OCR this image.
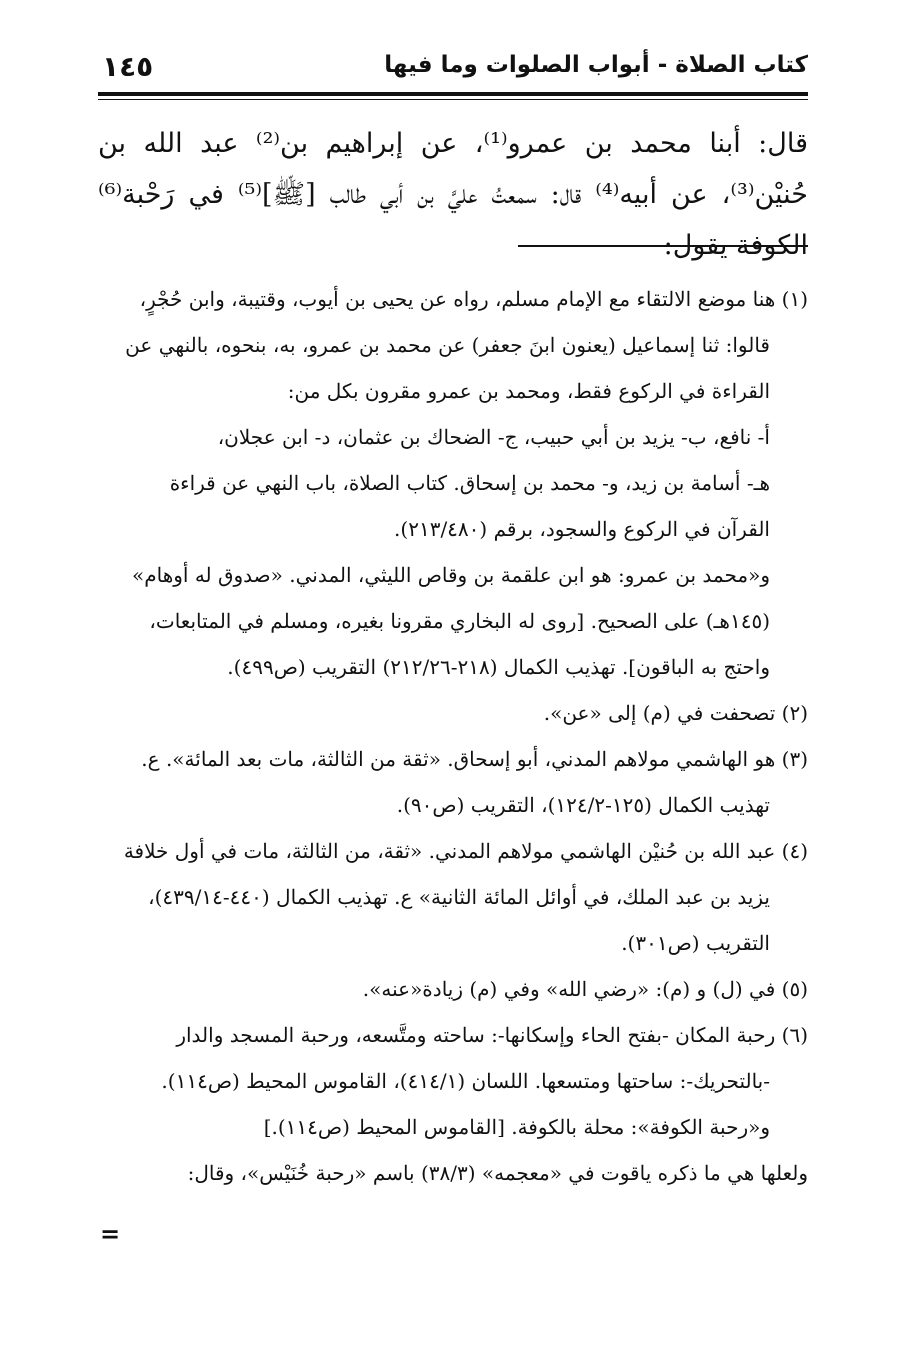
كتاب الصلاة - أبواب الصلوات وما فيها
١٤٥
قال: أبنا محمد بن عمرو⁽¹⁾، عن إبراهيم بن⁽²⁾ عبد الله بن حُنيْن⁽³⁾، عن أبيه⁽⁴⁾ قال: سمعتُ عليَّ بن أبي طالب [ﷺ]⁽⁵⁾ في رَحْبة⁽⁶⁾ الكوفة يقول:

(١) هنا موضع الالتقاء مع الإمام مسلم، رواه عن يحيى بن أيوب، وقتيبة، وابن حُجْرٍ،

قالوا: ثنا إسماعيل (يعنون ابنَ جعفر) عن محمد بن عمرو، به، بنحوه، بالنهي عن

القراءة في الركوع فقط، ومحمد بن عمرو مقرون بكل من:

أ- نافع، ب- يزيد بن أبي حبيب، ج- الضحاك بن عثمان، د- ابن عجلان،

هـ- أسامة بن زيد، و- محمد بن إسحاق. كتاب الصلاة، باب النهي عن قراءة

القرآن في الركوع والسجود، برقم (٢١٣/٤٨٠).

و«محمد بن عمرو: هو ابن علقمة بن وقاص الليثي، المدني. «صدوق له أوهام»

(١٤٥هـ) على الصحيح. [روى له البخاري مقرونا بغيره، ومسلم في المتابعات،

واحتج به الباقون]. تهذيب الكمال (٢١٨-٢١٢/٢٦) التقريب (ص٤٩٩).

(٢) تصحفت في (م) إلى «عن».

(٣) هو الهاشمي مولاهم المدني، أبو إسحاق. «ثقة من الثالثة، مات بعد المائة». ع.

تهذيب الكمال (١٢٥-١٢٤/٢)، التقريب (ص٩٠).

(٤) عبد الله بن حُنيْن الهاشمي مولاهم المدني. «ثقة، من الثالثة، مات في أول خلافة

يزيد بن عبد الملك، في أوائل المائة الثانية» ع. تهذيب الكمال (٤٤٠-٤٣٩/١٤)،

التقريب (ص٣٠١).

(٥) في (ل) و (م): «رضي الله» وفي (م) زيادة«عنه».

(٦) رحبة المكان -بفتح الحاء وإسكانها-: ساحته ومتَّسعه، ورحبة المسجد والدار

-بالتحريك-: ساحتها ومتسعها. اللسان (٤١٤/١)، القاموس المحيط (ص١١٤).

و«رحبة الكوفة»: محلة بالكوفة. [القاموس المحيط (ص١١٤).]

ولعلها هي ما ذكره ياقوت في «معجمه» (٣٨/٣) باسم «رحبة خُنَيْس»، وقال:

=
